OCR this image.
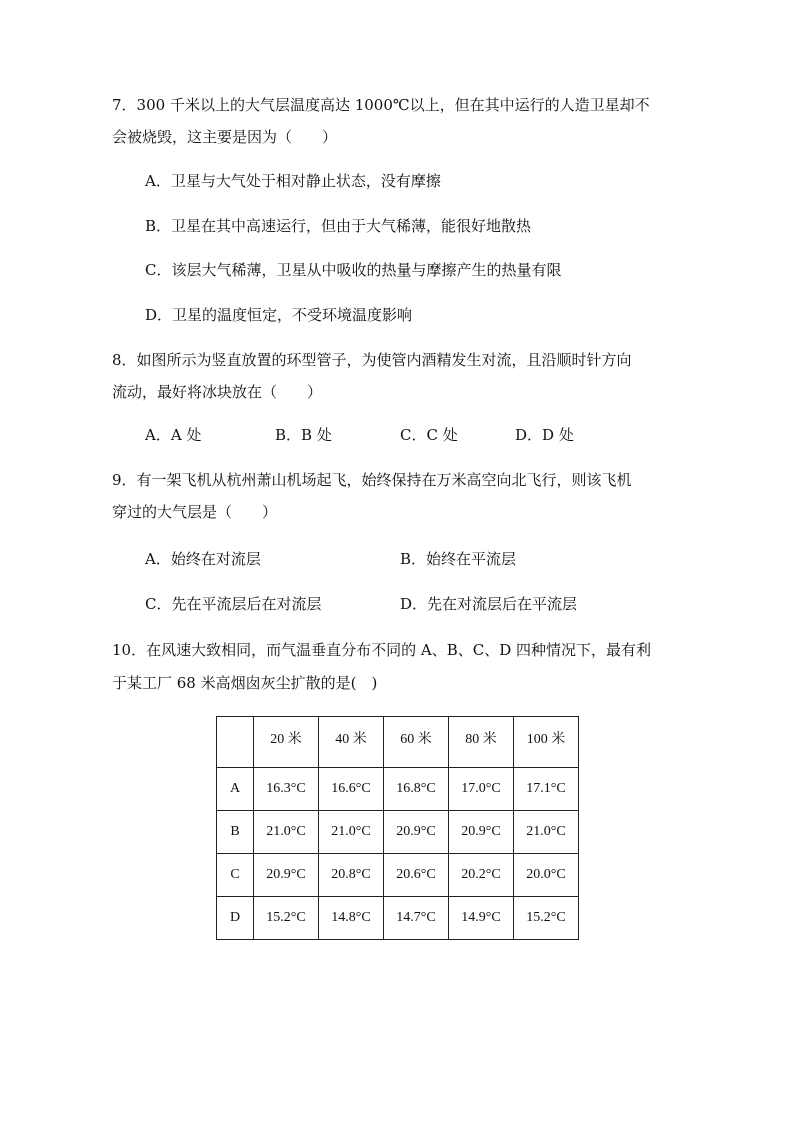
7．300 千米以上的大气层温度高达 1000℃以上，但在其中运行的人造卫星却不
会被烧毁，这主要是因为（　　）
A．卫星与大气处于相对静止状态，没有摩擦
B．卫星在其中高速运行，但由于大气稀薄，能很好地散热
C．该层大气稀薄，卫星从中吸收的热量与摩擦产生的热量有限
D．卫星的温度恒定，不受环境温度影响
8．如图所示为竖直放置的环型管子，为使管内酒精发生对流，且沿顺时针方向
流动，最好将冰块放在（　　）
A．A 处	B．B 处	C．C 处	D．D 处
9．有一架飞机从杭州萧山机场起飞，始终保持在万米高空向北飞行，则该飞机
穿过的大气层是（　　）
A．始终在对流层	B．始终在平流层
C．先在平流层后在对流层	D．先在对流层后在平流层
10．在风速大致相同，而气温垂直分布不同的 A、B、C、D 四种情况下，最有利
于某工厂 68 米高烟囱灰尘扩散的是(　)
	20 米	40 米	60 米	80 米	100 米
A	16.3°C	16.6°C	16.8°C	17.0°C	17.1°C
B	21.0°C	21.0°C	20.9°C	20.9°C	21.0°C
C	20.9°C	20.8°C	20.6°C	20.2°C	20.0°C
D	15.2°C	14.8°C	14.7°C	14.9°C	15.2°C
